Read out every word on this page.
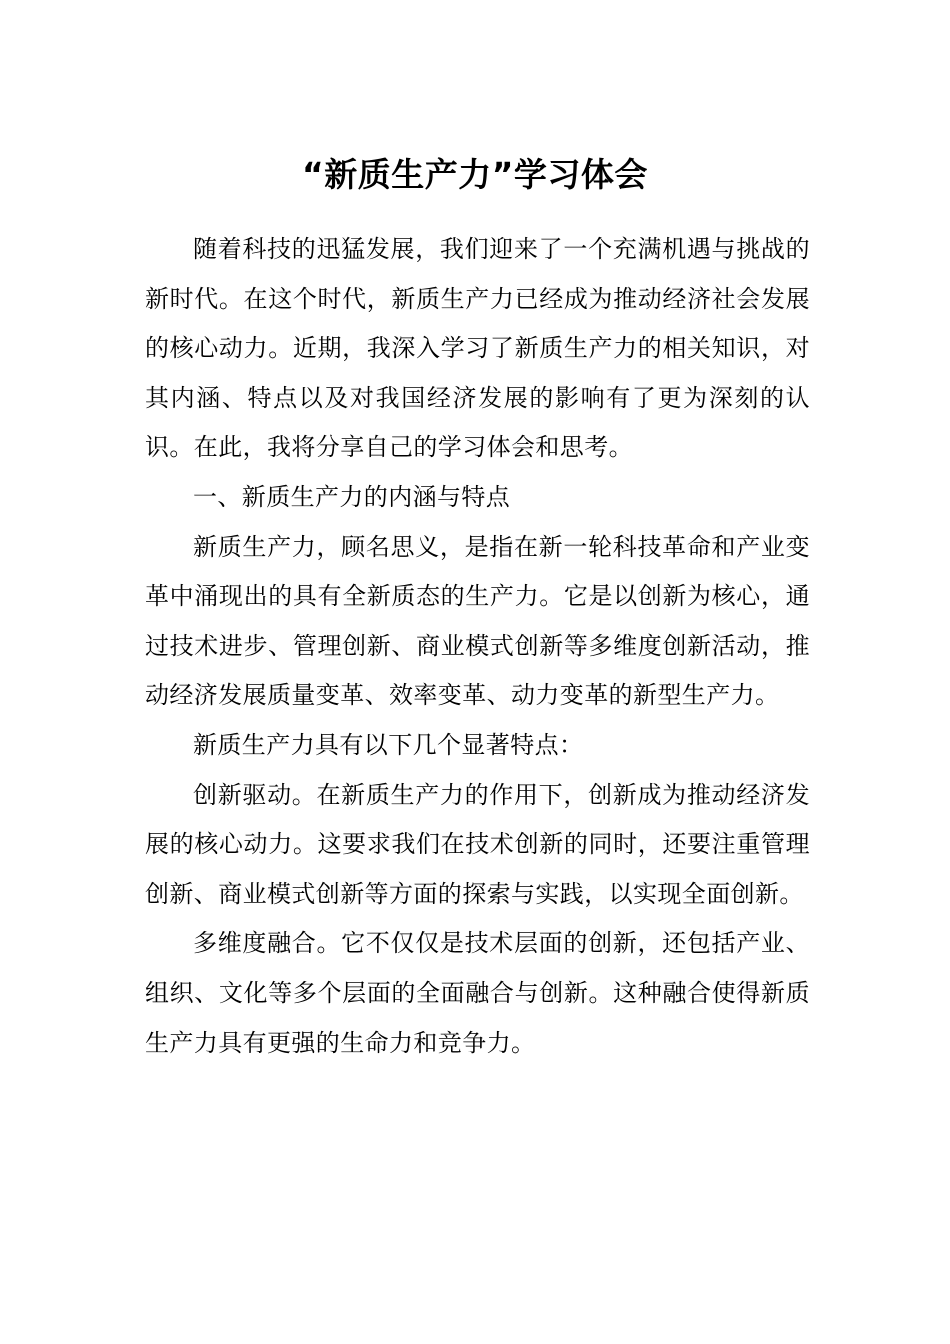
“新质生产力”学习体会

随着科技的迅猛发展，我们迎来了一个充满机遇与挑战的新时代。在这个时代，新质生产力已经成为推动经济社会发展的核心动力。近期，我深入学习了新质生产力的相关知识，对其内涵、特点以及对我国经济发展的影响有了更为深刻的认识。在此，我将分享自己的学习体会和思考。

一、新质生产力的内涵与特点

新质生产力，顾名思义，是指在新一轮科技革命和产业变革中涌现出的具有全新质态的生产力。它是以创新为核心，通过技术进步、管理创新、商业模式创新等多维度创新活动，推动经济发展质量变革、效率变革、动力变革的新型生产力。

新质生产力具有以下几个显著特点：

创新驱动。在新质生产力的作用下，创新成为推动经济发展的核心动力。这要求我们在技术创新的同时，还要注重管理创新、商业模式创新等方面的探索与实践，以实现全面创新。

多维度融合。它不仅仅是技术层面的创新，还包括产业、组织、文化等多个层面的全面融合与创新。这种融合使得新质生产力具有更强的生命力和竞争力。
